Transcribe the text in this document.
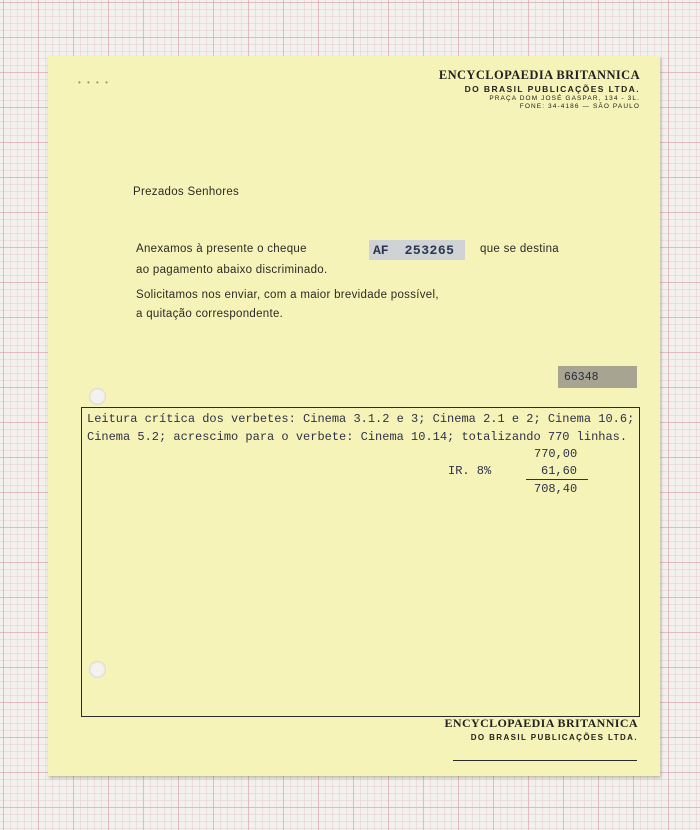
• • • •
ENCYCLOPAEDIA BRITANNICA
DO BRASIL PUBLICAÇÕES LTDA.
PRAÇA DOM JOSÉ GASPAR, 134 - 3L.
FONE: 34-4186 — SÃO PAULO
Prezados Senhores
Anexamos à presente o cheque	AF 253265 que se destina
ao pagamento abaixo discriminado.
Solicitamos nos enviar, com a maior brevidade possível,
a quitação correspondente.
66348
Leitura crítica dos verbetes: Cinema 3.1.2 e 3; Cinema 2.1 e 2; Cinema 10.6;
Cinema 5.2; acrescimo para o verbete: Cinema 10.14; totalizando 770 linhas.
770,00
IR. 8%	61,60
708,40
ENCYCLOPAEDIA BRITANNICA
DO BRASIL PUBLICAÇÕES LTDA.
